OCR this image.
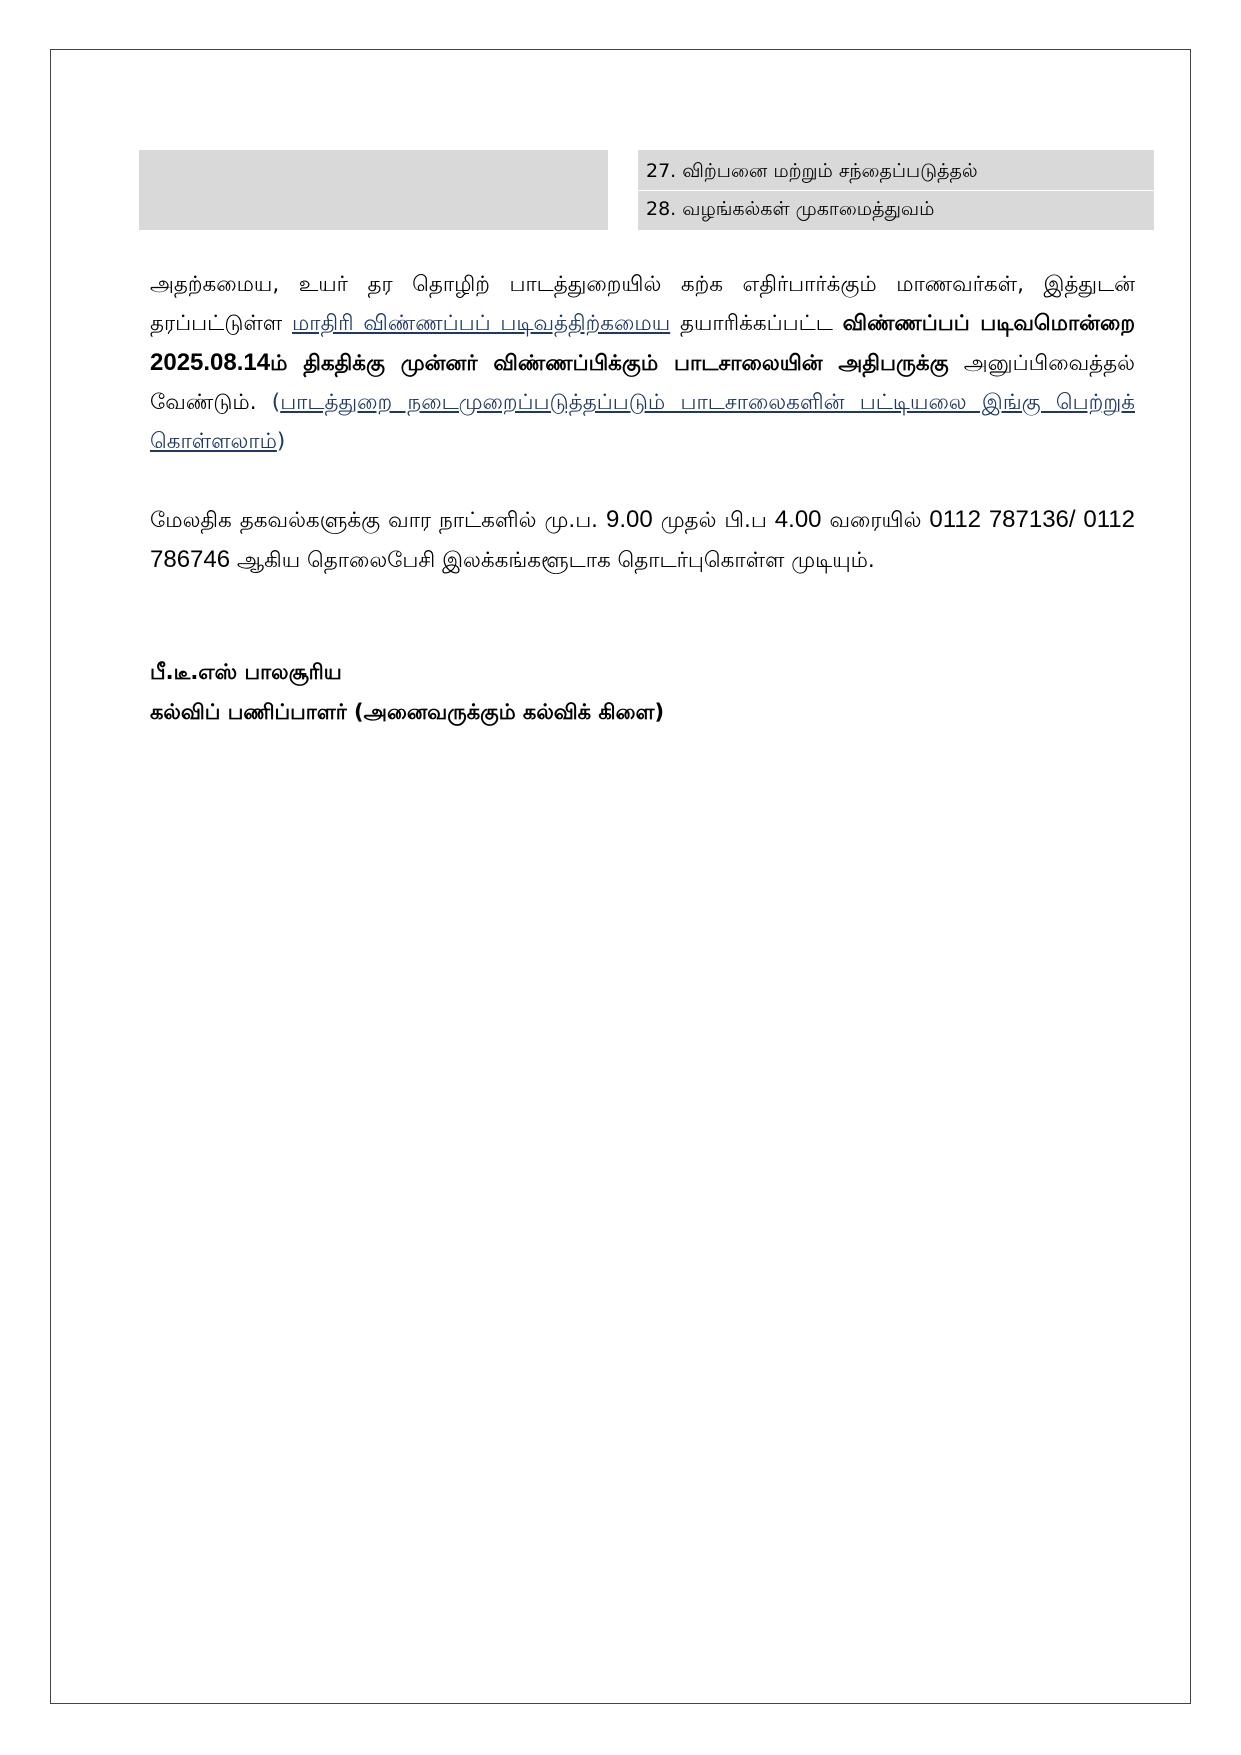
27. விற்பனை மற்றும் சந்தைப்படுத்தல்
28. வழங்கல்கள் முகாமைத்துவம்

அதற்கமைய, உயர் தர தொழிற் பாடத்துறையில் கற்க எதிர்பார்க்கும் மாணவர்கள், இத்துடன் தரப்பட்டுள்ள மாதிரி விண்ணப்பப் படிவத்திற்கமைய தயாரிக்கப்பட்ட விண்ணப்பப் படிவமொன்றை 2025.08.14ம் திகதிக்கு முன்னர் விண்ணப்பிக்கும் பாடசாலையின் அதிபருக்கு அனுப்பிவைத்தல் வேண்டும். (பாடத்துறை நடைமுறைப்படுத்தப்படும் பாடசாலைகளின் பட்டியலை இங்கு பெற்றுக் கொள்ளலாம்)

மேலதிக தகவல்களுக்கு வார நாட்களில் மு.ப. 9.00 முதல் பி.ப 4.00 வரையில் 0112 787136/ 0112 786746 ஆகிய தொலைபேசி இலக்கங்களூடாக தொடர்புகொள்ள முடியும்.

பீ.டீ.எஸ் பாலசூரிய
கல்விப் பணிப்பாளர் (அனைவருக்கும் கல்விக் கிளை)
